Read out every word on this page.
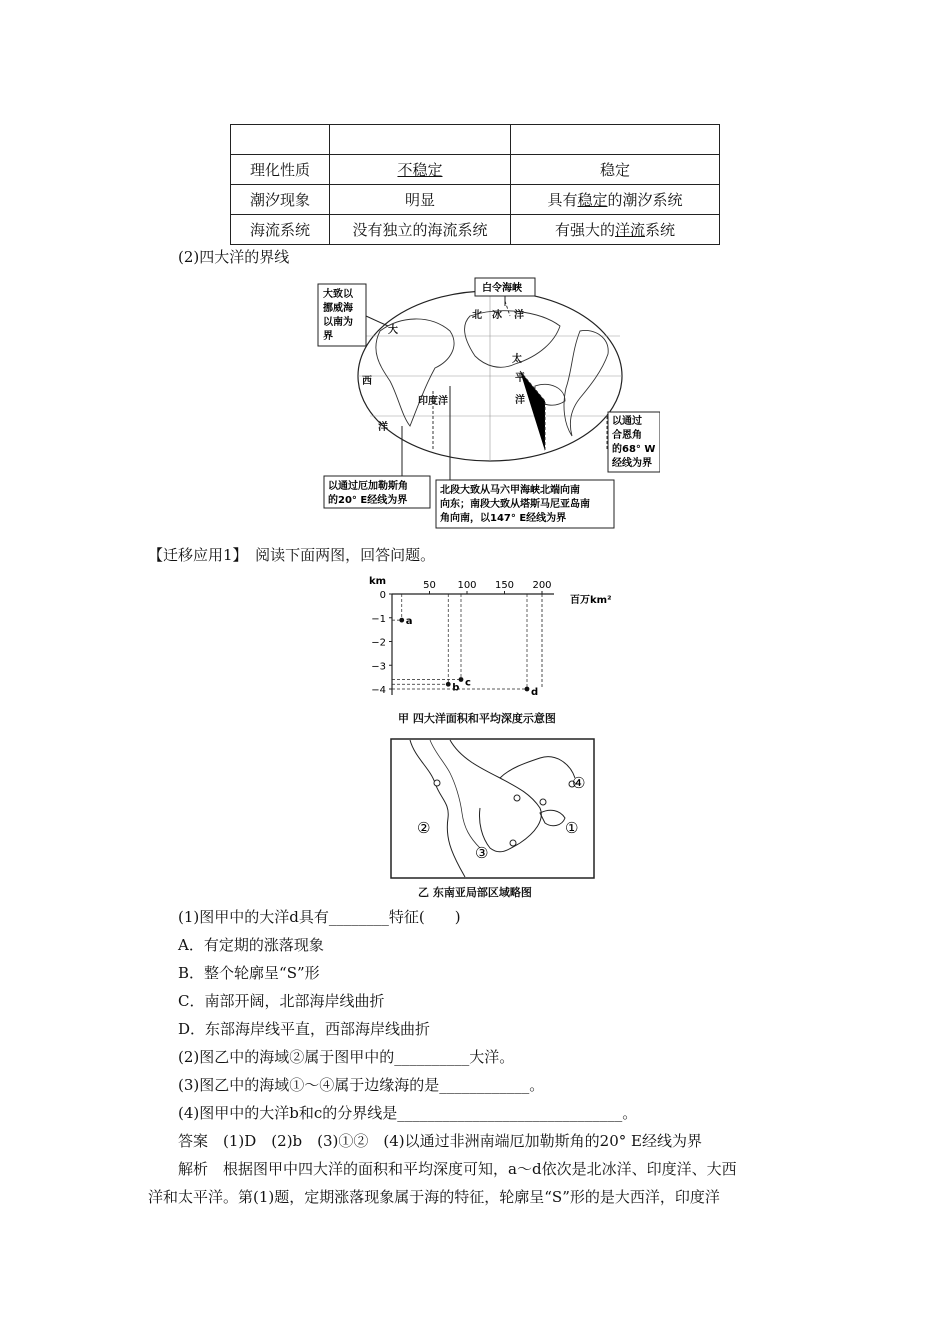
理化性质	不稳定	稳定
潮汐现象	明显	具有稳定的潮汐系统
海流系统	没有独立的海流系统	有强大的洋流系统
(2)四大洋的界线
大
西
洋
北 冰 洋
太
平
洋
印度洋
大致以
挪威海
以南为
界
白令海峡
以通过
合恩角
的68° W
经线为界
以通过厄加勒斯角
的20° E经线为界
北段大致从马六甲海峡北端向南
向东；南段大致从塔斯马尼亚岛南
角向南，以147° E经线为界
【迁移应用1】　 阅读下面两图，回答问题。
km
百万km²
50 100 150 200
0
−1
−2
−3
−4
a
b c
d
甲 四大洋面积和平均深度示意图
①
②
③
④
乙 东南亚局部区域略图
(1)图甲中的大洋d具有________特征(　　)
A．有定期的涨落现象
B．整个轮廓呈“S”形
C．南部开阔，北部海岸线曲折
D．东部海岸线平直，西部海岸线曲折
(2)图乙中的海域②属于图甲中的__________大洋。
(3)图乙中的海域①～④属于边缘海的是____________。
(4)图甲中的大洋b和c的分界线是______________________________。
答案　 (1)D　(2)b　(3)①②　(4)以通过非洲南端厄加勒斯角的20° E经线为界
解析　 根据图甲中四大洋的面积和平均深度可知，a～d依次是北冰洋、印度洋、大西
洋和太平洋。第(1)题，定期涨落现象属于海的特征，轮廓呈“S”形的是大西洋，印度洋
